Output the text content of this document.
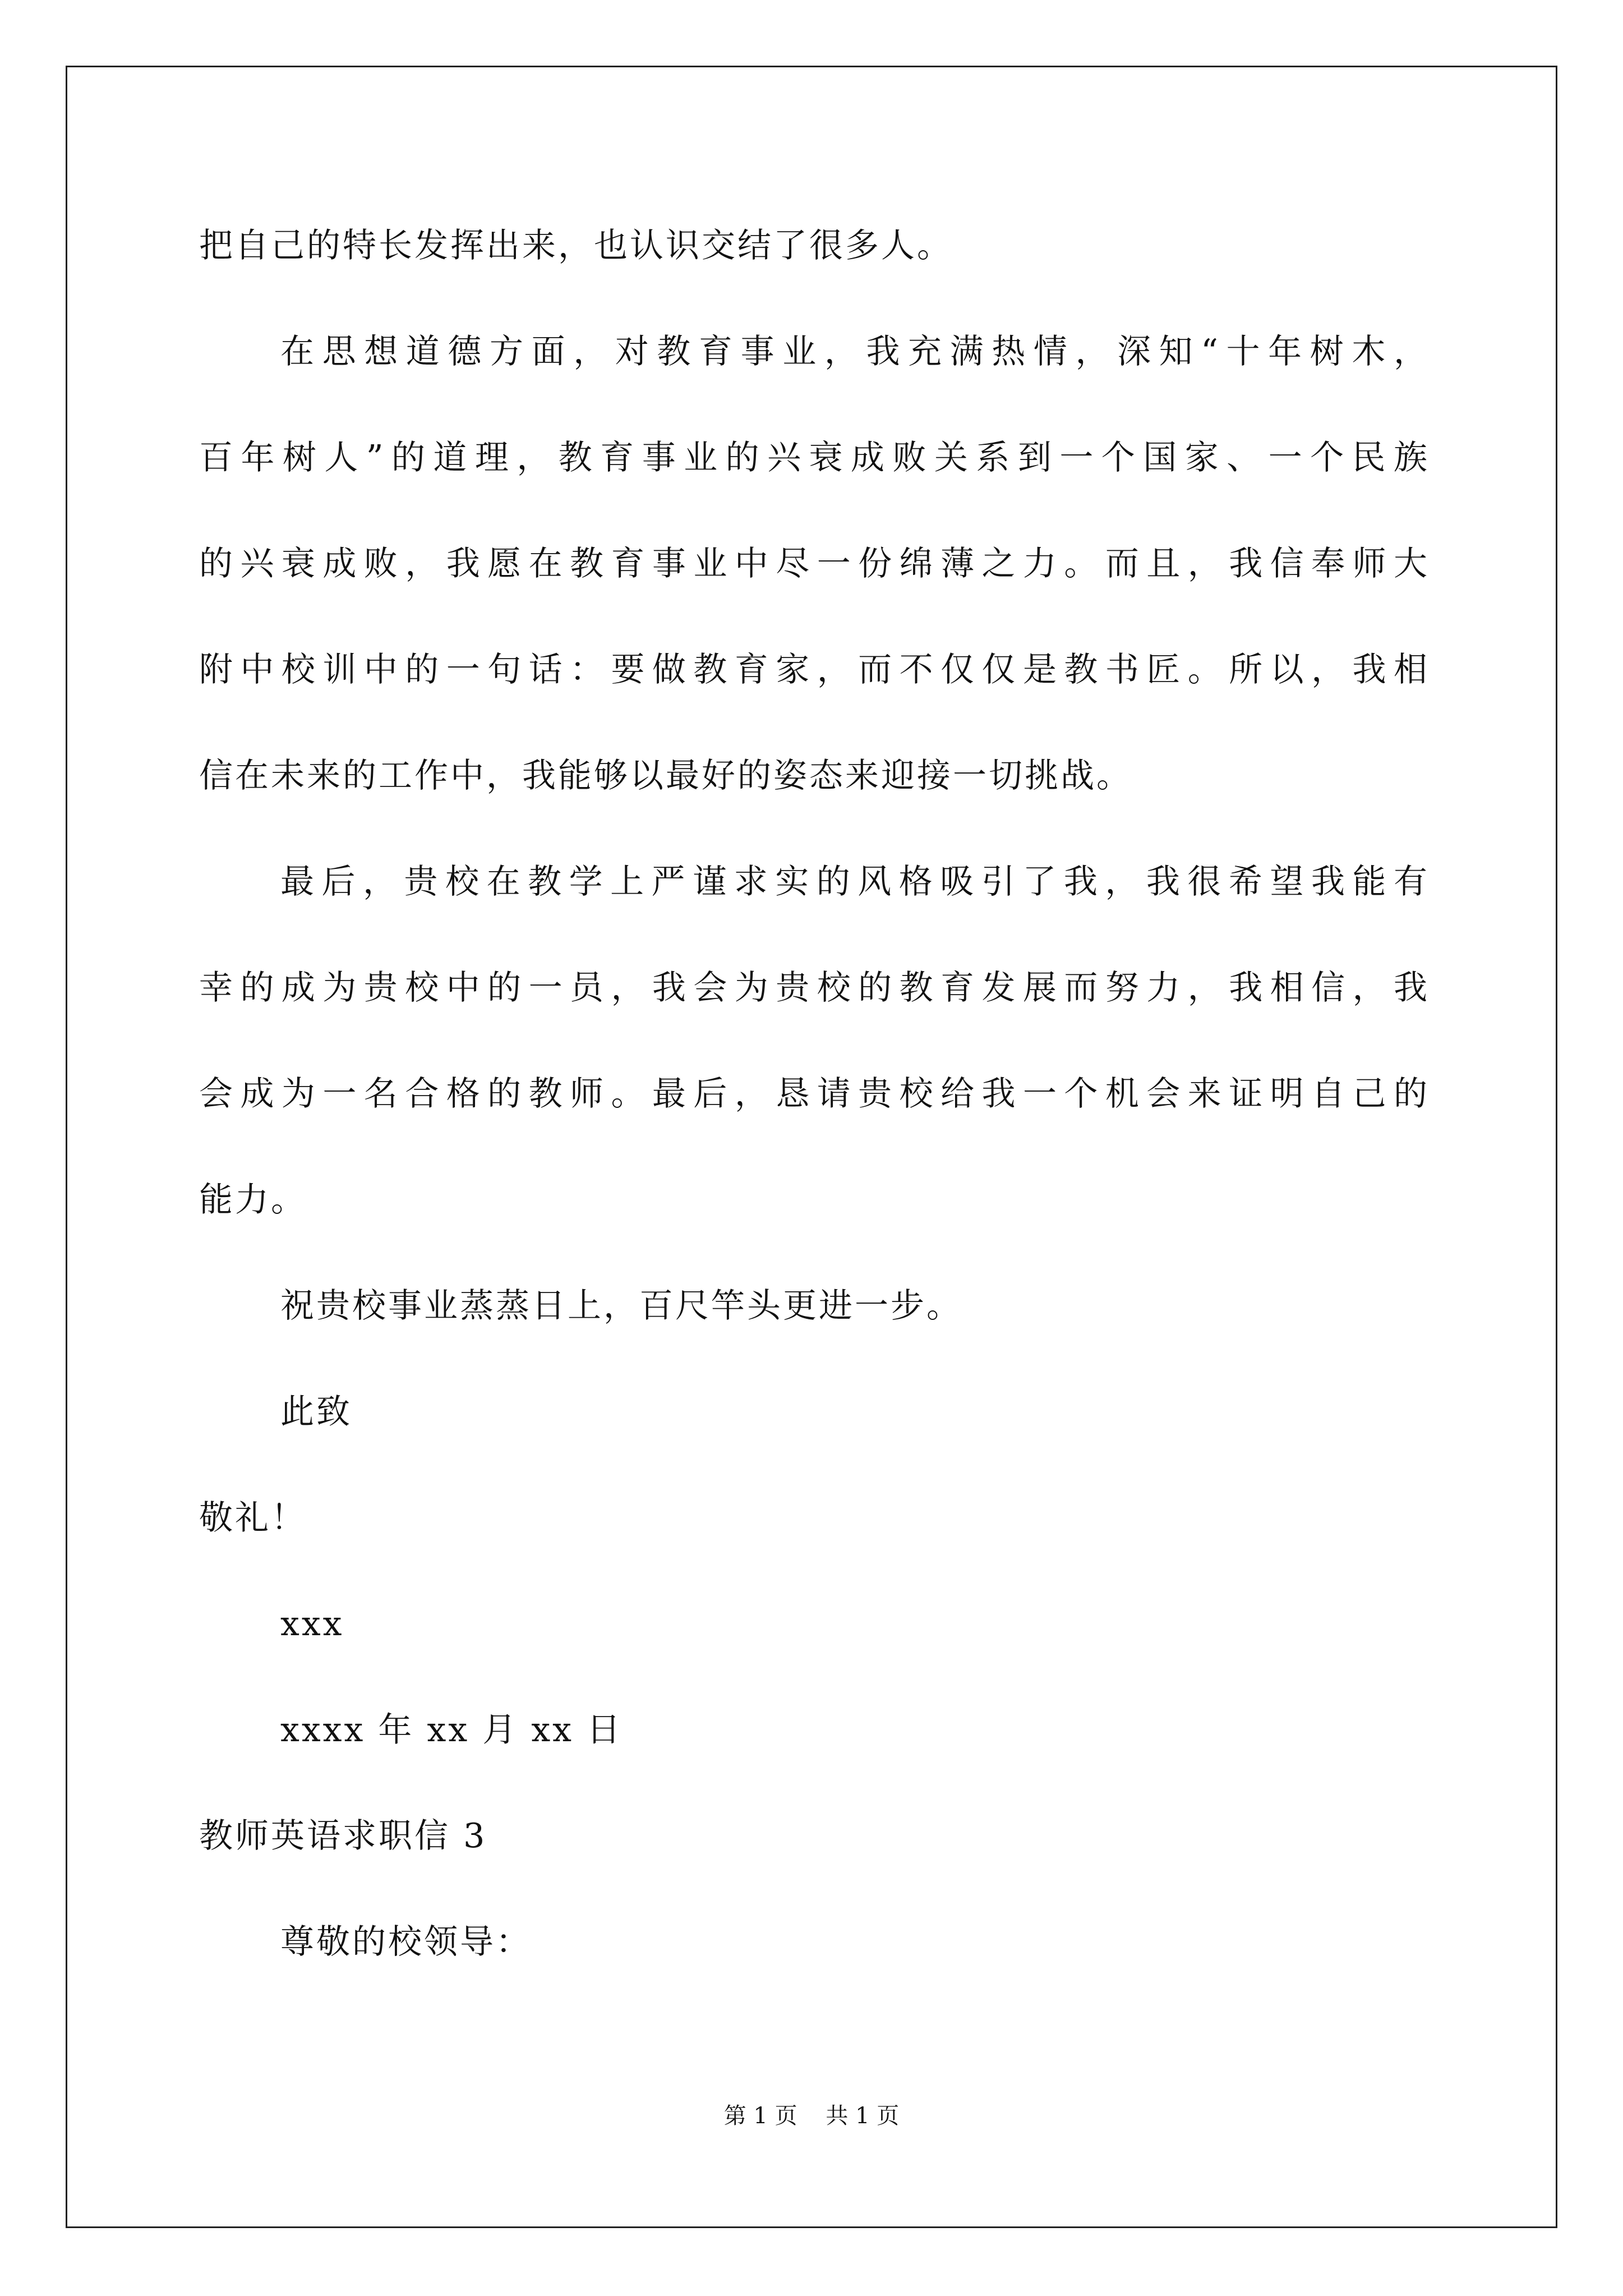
把自己的特长发挥出来，也认识交结了很多人。
在思想道德方面，对教育事业，我充满热情，深知“十年树木，
百年树人”的道理，教育事业的兴衰成败关系到一个国家、一个民族
的兴衰成败，我愿在教育事业中尽一份绵薄之力。而且，我信奉师大
附中校训中的一句话：要做教育家，而不仅仅是教书匠。所以，我相
信在未来的工作中，我能够以最好的姿态来迎接一切挑战。
最后，贵校在教学上严谨求实的风格吸引了我，我很希望我能有
幸的成为贵校中的一员，我会为贵校的教育发展而努力，我相信，我
会成为一名合格的教师。最后，恳请贵校给我一个机会来证明自己的
能力。
祝贵校事业蒸蒸日上，百尺竿头更进一步。
此致
敬礼！
xxx
xxxx 年 xx 月 xx 日
教师英语求职信 3
尊敬的校领导：
第 1 页    共 1 页
